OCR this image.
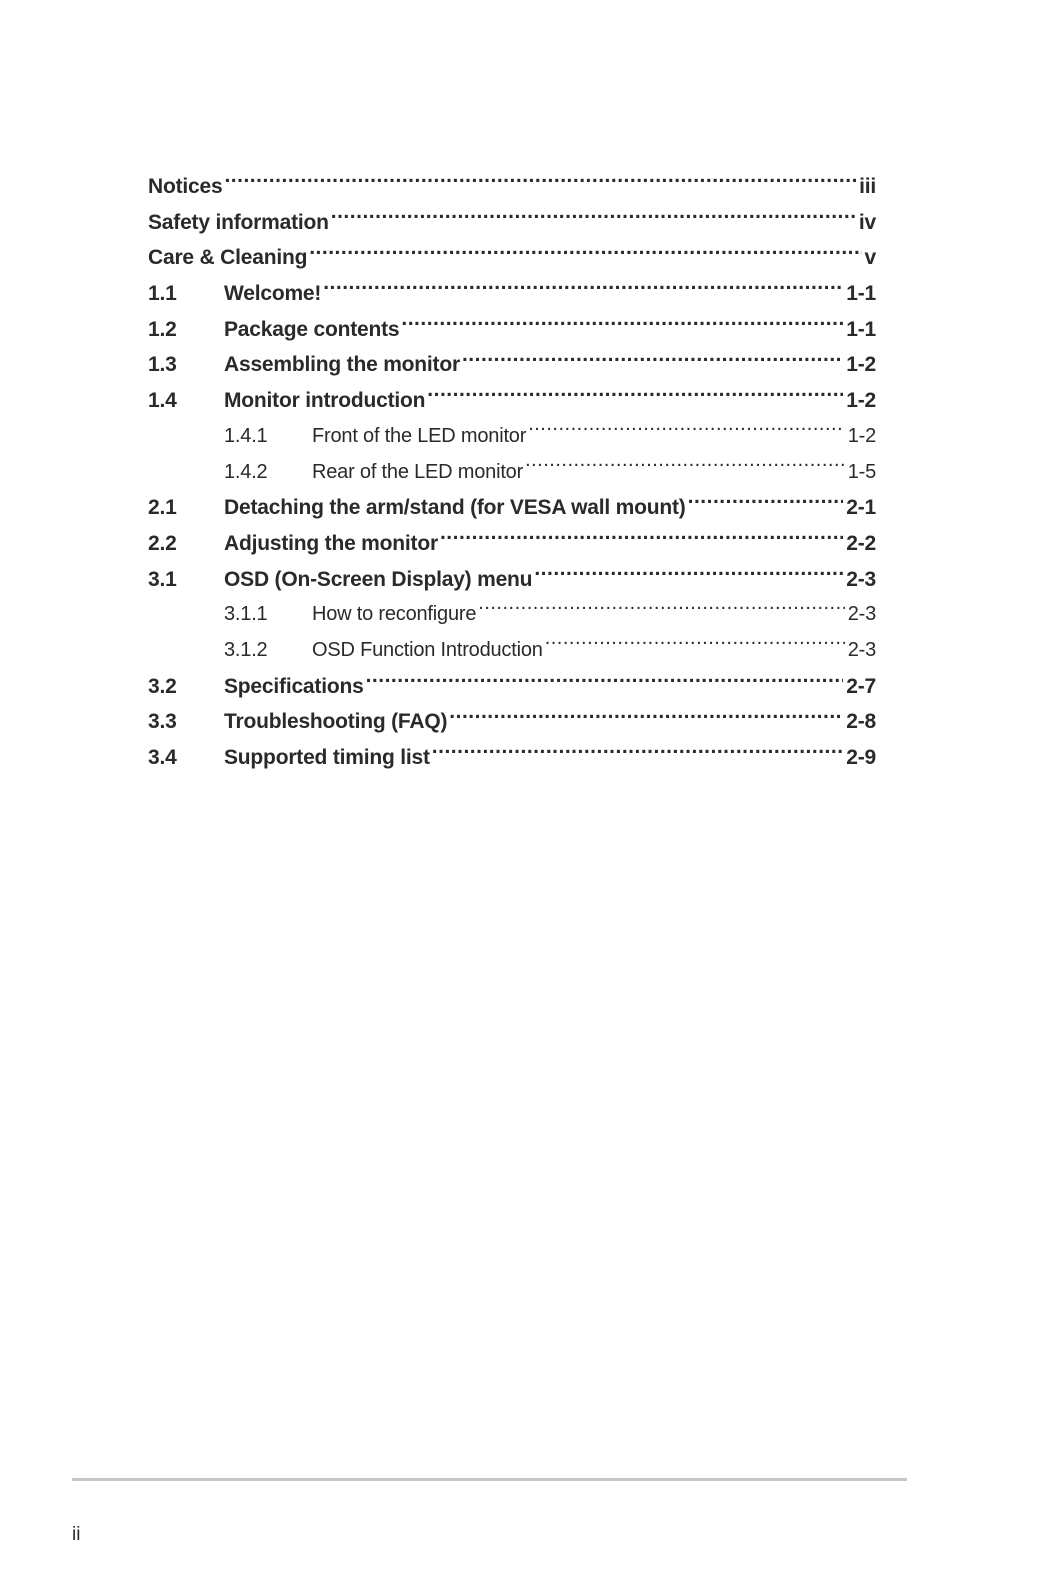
Notices .....	iii
Safety information .....	iv
Care & Cleaning .....	v
1.1	Welcome! .....	1-1
1.2	Package contents .....	1-1
1.3	Assembling the monitor .....	1-2
1.4	Monitor introduction .....	1-2
1.4.1	Front of the LED monitor .....	1-2
1.4.2	Rear of the LED monitor .....	1-5
2.1	Detaching the arm/stand (for VESA wall mount) .....	2-1
2.2	Adjusting the monitor .....	2-2
3.1	OSD (On-Screen Display) menu .....	2-3
3.1.1	How to reconfigure .....	2-3
3.1.2	OSD Function Introduction .....	2-3
3.2	Specifications .....	2-7
3.3	Troubleshooting (FAQ) .....	2-8
3.4	Supported timing list .....	2-9
ii
